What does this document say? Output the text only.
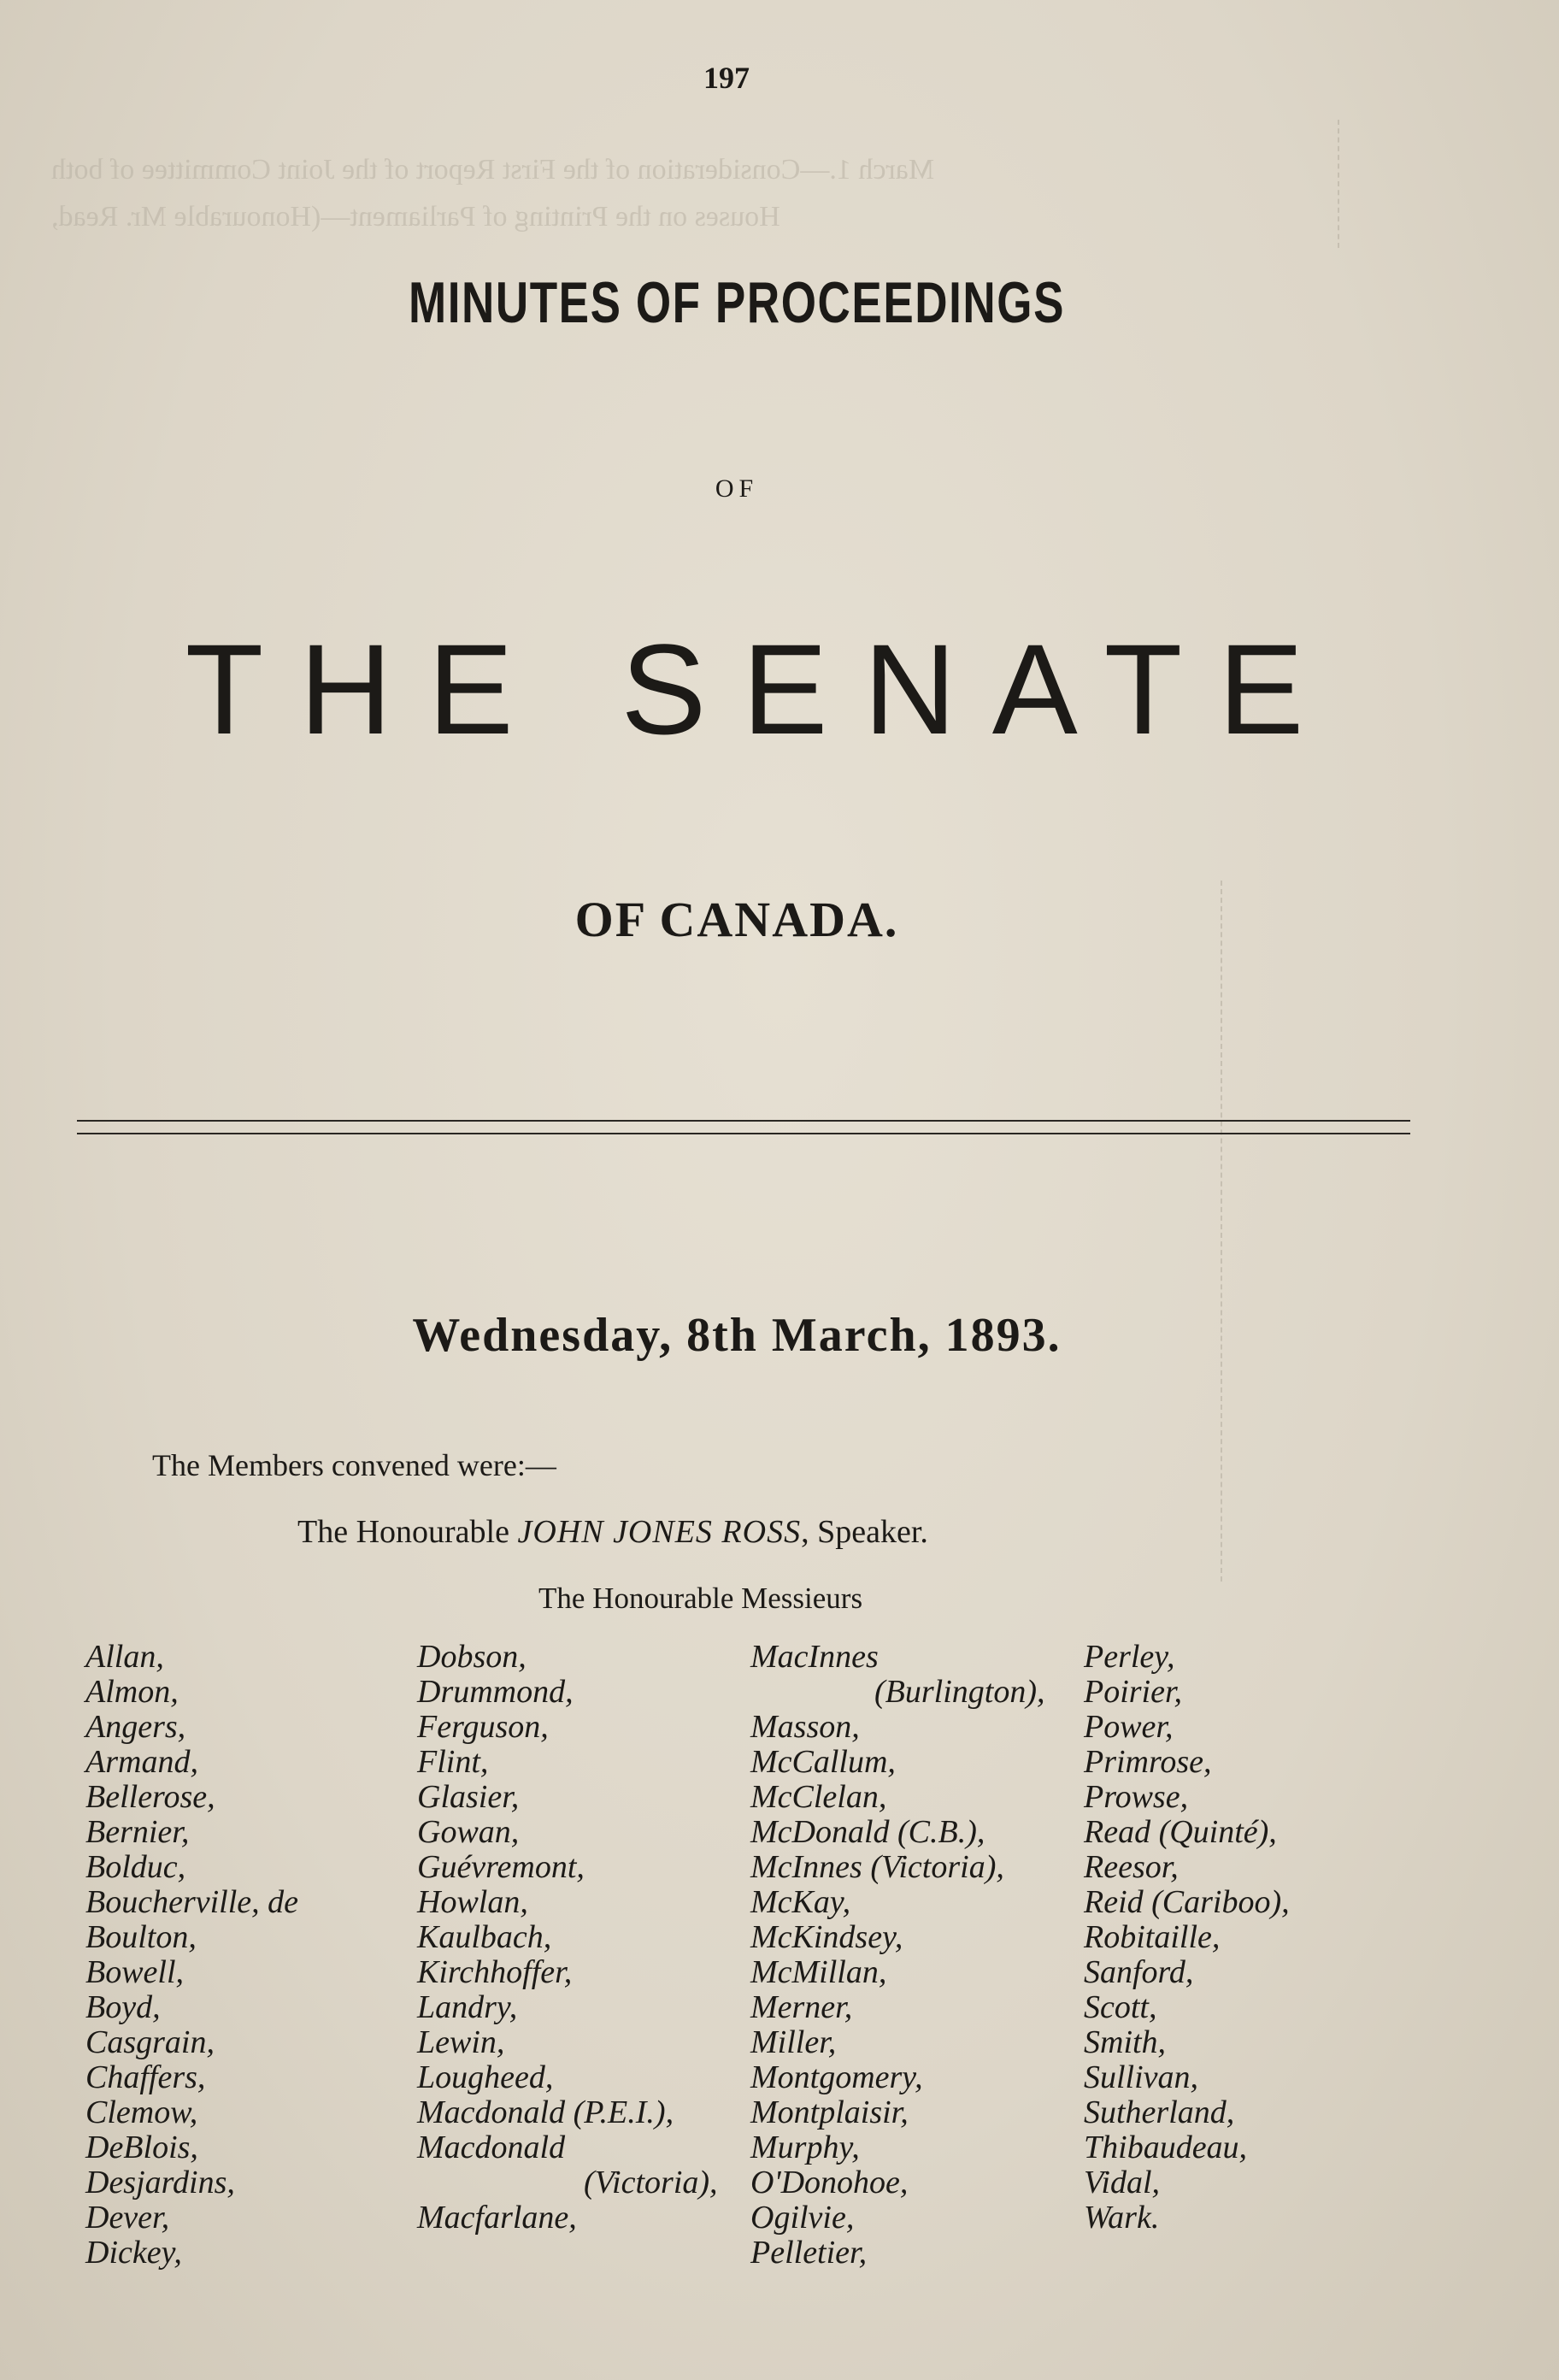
March 1.—Consideration of the First Report of the Joint Committee of both
Houses on the Printing of Parliament—(Honourable Mr. Read,
197
MINUTES OF PROCEEDINGS
OF
THE SENATE
OF CANADA.
Wednesday, 8th March, 1893.
The Members convened were:—
The Honourable JOHN JONES ROSS, Speaker.
The Honourable Messieurs
Allan,
Almon,
Angers,
Armand,
Bellerose,
Bernier,
Bolduc,
Boucherville, de
Boulton,
Bowell,
Boyd,
Casgrain,
Chaffers,
Clemow,
DeBlois,
Desjardins,
Dever,
Dickey,
Dobson,
Drummond,
Ferguson,
Flint,
Glasier,
Gowan,
Guévremont,
Howlan,
Kaulbach,
Kirchhoffer,
Landry,
Lewin,
Lougheed,
Macdonald (P.E.I.),
Macdonald
(Victoria),
Macfarlane,
MacInnes
(Burlington),
Masson,
McCallum,
McClelan,
McDonald (C.B.),
McInnes (Victoria),
McKay,
McKindsey,
McMillan,
Merner,
Miller,
Montgomery,
Montplaisir,
Murphy,
O'Donohoe,
Ogilvie,
Pelletier,
Perley,
Poirier,
Power,
Primrose,
Prowse,
Read (Quinté),
Reesor,
Reid (Cariboo),
Robitaille,
Sanford,
Scott,
Smith,
Sullivan,
Sutherland,
Thibaudeau,
Vidal,
Wark.
